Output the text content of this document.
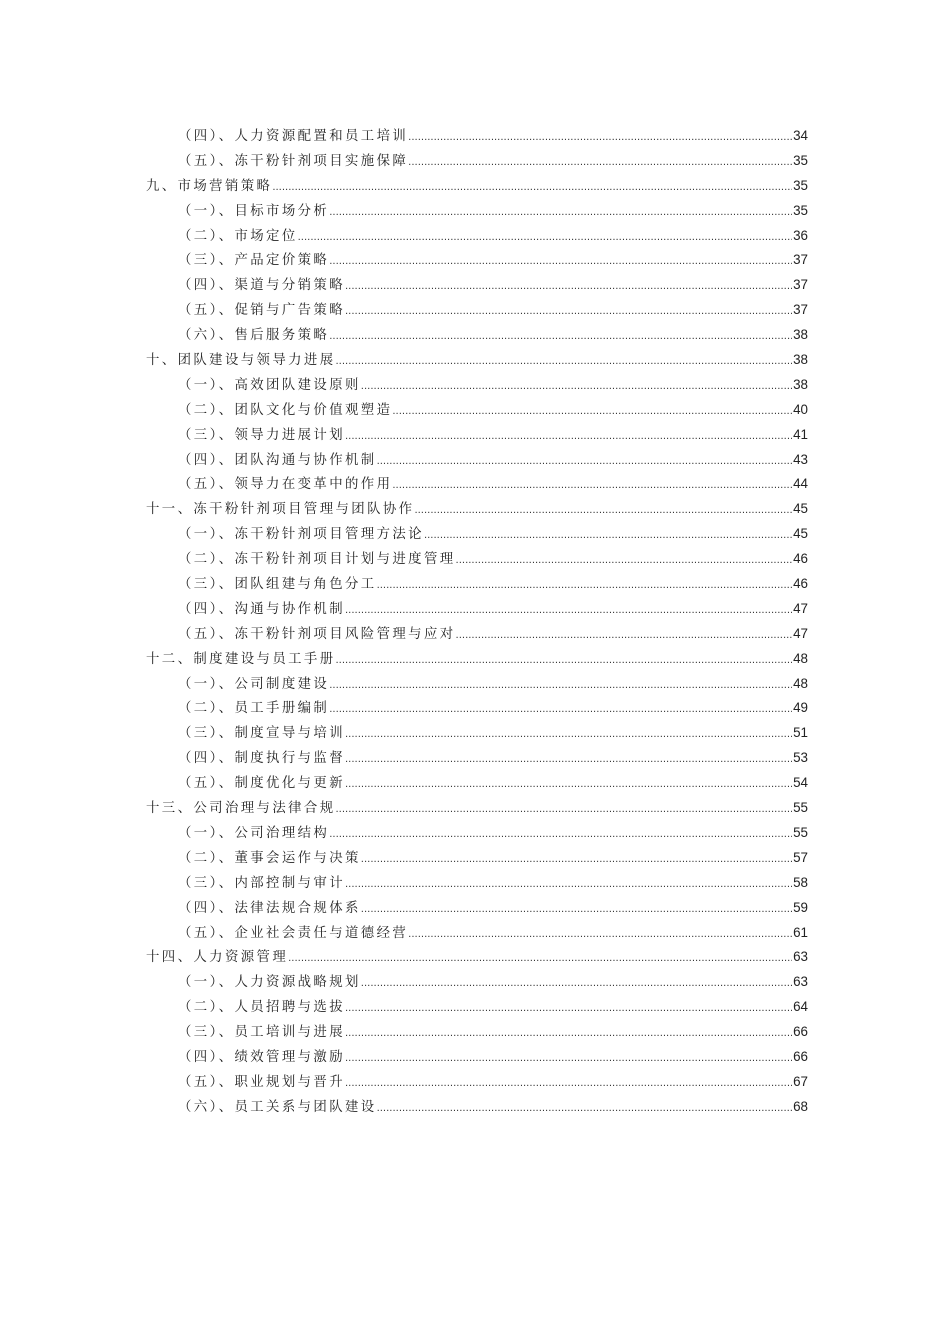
（四）、人力资源配置和员工培训 .....	34
（五）、冻干粉针剂项目实施保障 .....	35
九、市场营销策略 .....	35
（一）、目标市场分析 .....	35
（二）、市场定位 .....	36
（三）、产品定价策略 .....	37
（四）、渠道与分销策略 .....	37
（五）、促销与广告策略 .....	37
（六）、售后服务策略 .....	38
十、团队建设与领导力进展 .....	38
（一）、高效团队建设原则 .....	38
（二）、团队文化与价值观塑造 .....	40
（三）、领导力进展计划 .....	41
（四）、团队沟通与协作机制 .....	43
（五）、领导力在变革中的作用 .....	44
十一、冻干粉针剂项目管理与团队协作 .....	45
（一）、冻干粉针剂项目管理方法论 .....	45
（二）、冻干粉针剂项目计划与进度管理 .....	46
（三）、团队组建与角色分工 .....	46
（四）、沟通与协作机制 .....	47
（五）、冻干粉针剂项目风险管理与应对 .....	47
十二、制度建设与员工手册 .....	48
（一）、公司制度建设 .....	48
（二）、员工手册编制 .....	49
（三）、制度宣导与培训 .....	51
（四）、制度执行与监督 .....	53
（五）、制度优化与更新 .....	54
十三、公司治理与法律合规 .....	55
（一）、公司治理结构 .....	55
（二）、董事会运作与决策 .....	57
（三）、内部控制与审计 .....	58
（四）、法律法规合规体系 .....	59
（五）、企业社会责任与道德经营 .....	61
十四、人力资源管理 .....	63
（一）、人力资源战略规划 .....	63
（二）、人员招聘与选拔 .....	64
（三）、员工培训与进展 .....	66
（四）、绩效管理与激励 .....	66
（五）、职业规划与晋升 .....	67
（六）、员工关系与团队建设 .....	68
